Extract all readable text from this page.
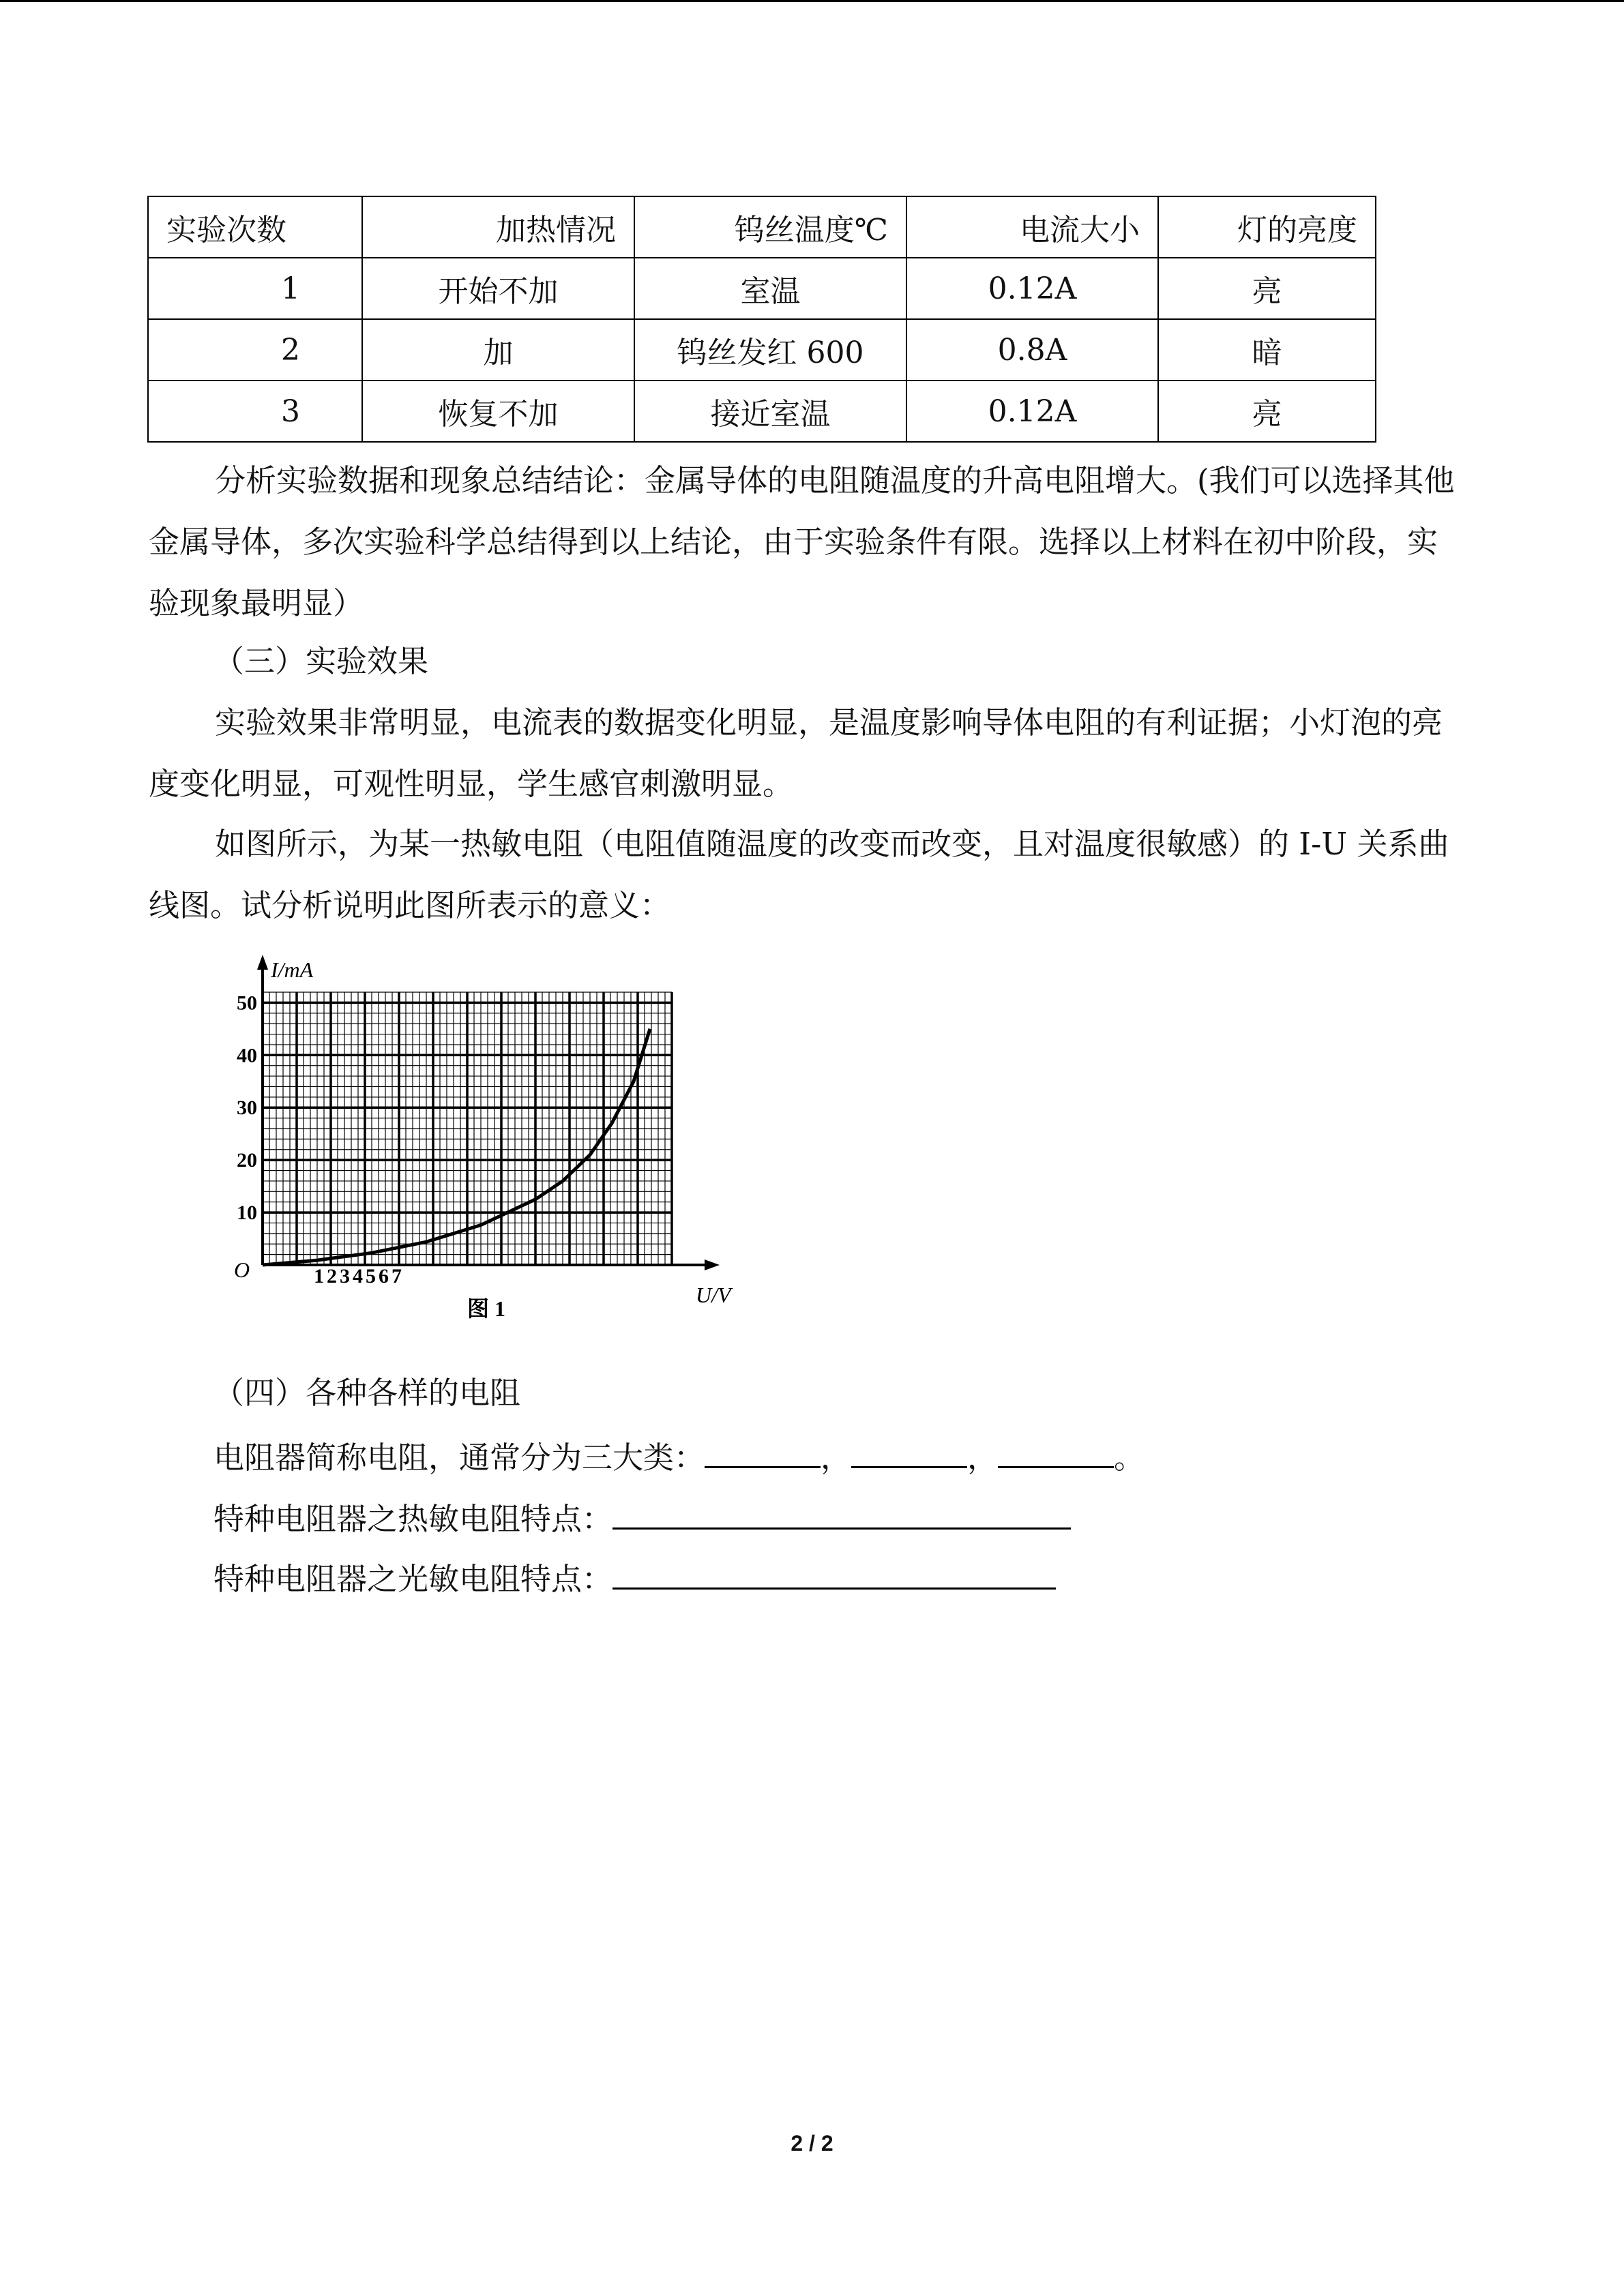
实验次数	加热情况	钨丝温度℃	电流大小	灯的亮度
1	开始不加	室温	0.12A	亮
2	加	钨丝发红 600	0.8A	暗
3	恢复不加	接近室温	0.12A	亮
分析实验数据和现象总结结论：金属导体的电阻随温度的升高电阻增大。(我们可以选择其他金属导体，多次实验科学总结得到以上结论，由于实验条件有限。选择以上材料在初中阶段，实验现象最明显）
（三）实验效果
实验效果非常明显，电流表的数据变化明显，是温度影响导体电阻的有利证据；小灯泡的亮度变化明显，可观性明显，学生感官刺激明显。
如图所示，为某一热敏电阻（电阻值随温度的改变而改变，且对温度很敏感）的 I-U 关系曲线图。试分析说明此图所表示的意义：
10
20
30
40
50
1 2 3 4 5 6 7
I/mA
U/V
O
图 1
（四）各种各样的电阻
电阻器简称电阻，通常分为三大类：	，	，	。
特种电阻器之热敏电阻特点：
特种电阻器之光敏电阻特点：
2 / 2
